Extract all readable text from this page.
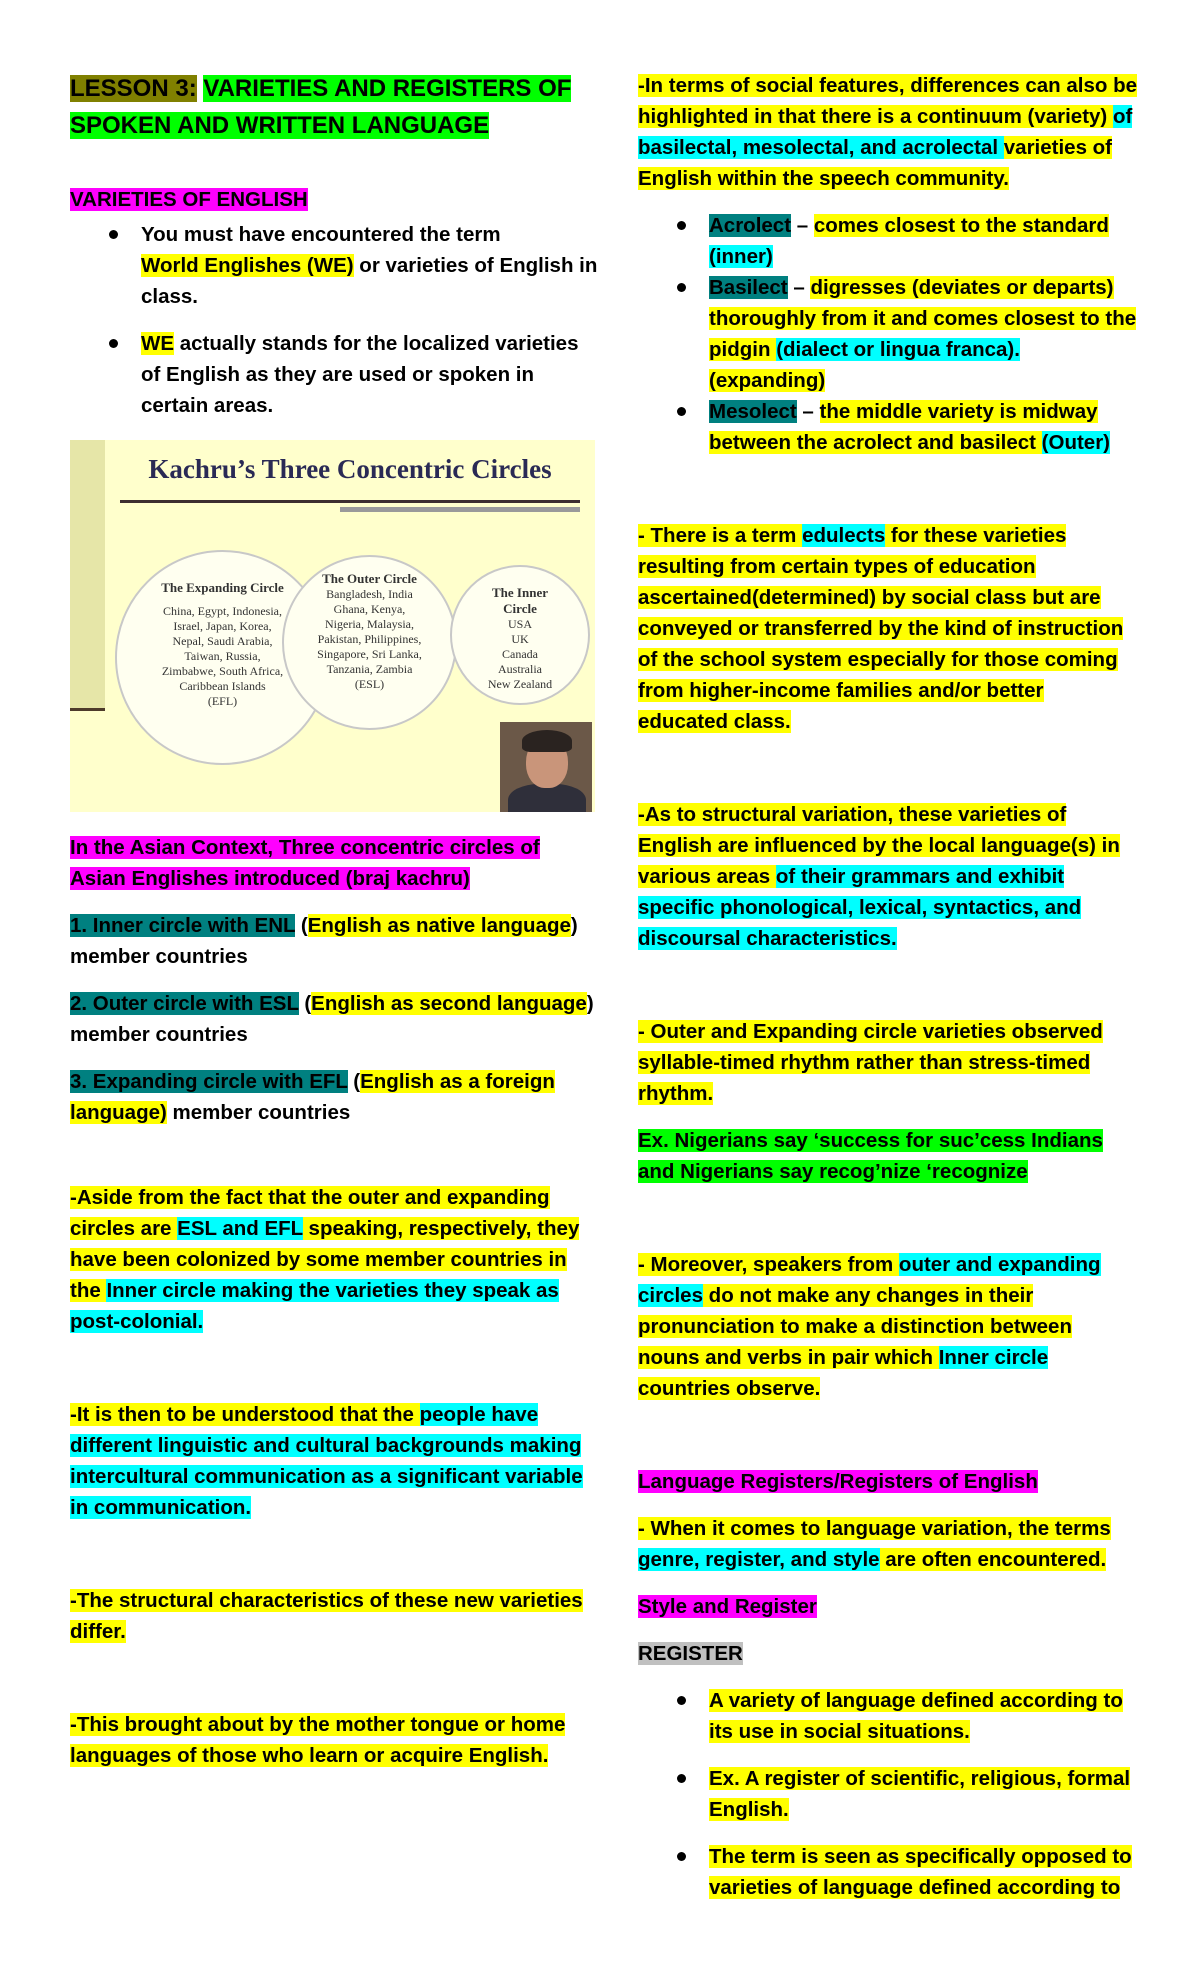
LESSON 3: VARIETIES AND REGISTERS OF
SPOKEN AND WRITTEN LANGUAGE

VARIETIES OF ENGLISH

You must have encountered the term
World Englishes (WE) or varieties of English in class.
WE actually stands for the localized varieties of English as they are used or spoken in certain areas.
Kachru’s Three Concentric Circles
The Expanding Circle
China, Egypt, Indonesia,
Israel, Japan, Korea,
Nepal, Saudi Arabia,
Taiwan, Russia,
Zimbabwe, South Africa,
Caribbean Islands
(EFL)
The Outer Circle
Bangladesh, India
Ghana, Kenya,
Nigeria, Malaysia,
Pakistan, Philippines,
Singapore, Sri Lanka,
Tanzania, Zambia
(ESL)
The Inner
Circle
USA
UK
Canada
Australia
New Zealand

In the Asian Context, Three concentric circles of Asian Englishes introduced (braj kachru)

1. Inner circle with ENL (English as native language) member countries

2. Outer circle with ESL (English as second language) member countries

3. Expanding circle with EFL (English as a foreign language) member countries

-Aside from the fact that the outer and expanding circles are ESL and EFL speaking, respectively, they have been colonized by some member countries in the Inner circle making the varieties they speak as post-colonial.

-It is then to be understood that the people have different linguistic and cultural backgrounds making intercultural communication as a significant variable in communication.

-The structural characteristics of these new varieties differ.

-This brought about by the mother tongue or home languages of those who learn or acquire English.

-In terms of social features, differences can also be highlighted in that there is a continuum (variety) of basilectal, mesolectal, and acrolectal varieties of English within the speech community.

Acrolect – comes closest to the standard (inner)
Basilect – digresses (deviates or departs) thoroughly from it and comes closest to the pidgin (dialect or lingua franca). (expanding)
Mesolect – the middle variety is midway between the acrolect and basilect (Outer)

- There is a term edulects for these varieties resulting from certain types of education ascertained(determined) by social class but are conveyed or transferred by the kind of instruction of the school system especially for those coming from higher-income families and/or better educated class.

-As to structural variation, these varieties of English are influenced by the local language(s) in various areas of their grammars and exhibit specific phonological, lexical, syntactics, and discoursal characteristics.

- Outer and Expanding circle varieties observed syllable-timed rhythm rather than stress-timed rhythm.

Ex. Nigerians say ‘success for suc’cess Indians and Nigerians say recog’nize ‘recognize

- Moreover, speakers from outer and expanding circles do not make any changes in their pronunciation to make a distinction between nouns and verbs in pair which Inner circle countries observe.

Language Registers/Registers of English

- When it comes to language variation, the terms genre, register, and style are often encountered.

Style and Register

REGISTER

A variety of language defined according to its use in social situations.
Ex. A register of scientific, religious, formal English.
The term is seen as specifically opposed to varieties of language defined according to
